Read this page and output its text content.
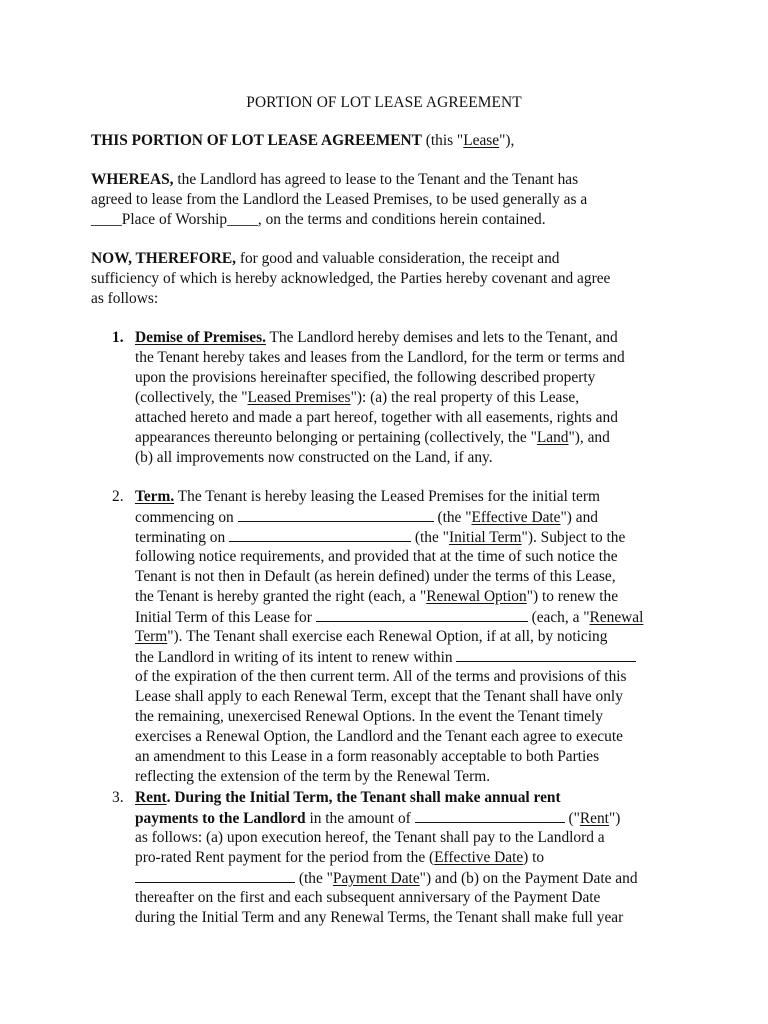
PORTION OF LOT LEASE AGREEMENT
THIS PORTION OF LOT LEASE AGREEMENT (this "Lease"),
WHEREAS, the Landlord has agreed to lease to the Tenant and the Tenant has
agreed to lease from the Landlord the Leased Premises, to be used generally as a
____Place of Worship____, on the terms and conditions herein contained.
NOW, THEREFORE, for good and valuable consideration, the receipt and
sufficiency of which is hereby acknowledged, the Parties hereby covenant and agree
as follows:
1. Demise of Premises. The Landlord hereby demises and lets to the Tenant, and
the Tenant hereby takes and leases from the Landlord, for the term or terms and
upon the provisions hereinafter specified, the following described property
(collectively, the "Leased Premises"): (a) the real property of this Lease,
attached hereto and made a part hereof, together with all easements, rights and
appearances thereunto belonging or pertaining (collectively, the "Land"), and
(b) all improvements now constructed on the Land, if any.
2. Term. The Tenant is hereby leasing the Leased Premises for the initial term
commencing on	(the "Effective Date") and
terminating on	(the "Initial Term"). Subject to the
following notice requirements, and provided that at the time of such notice the
Tenant is not then in Default (as herein defined) under the terms of this Lease,
the Tenant is hereby granted the right (each, a "Renewal Option") to renew the
Initial Term of this Lease for	(each, a "Renewal
Term"). The Tenant shall exercise each Renewal Option, if at all, by noticing
the Landlord in writing of its intent to renew within
of the expiration of the then current term. All of the terms and provisions of this
Lease shall apply to each Renewal Term, except that the Tenant shall have only
the remaining, unexercised Renewal Options. In the event the Tenant timely
exercises a Renewal Option, the Landlord and the Tenant each agree to execute
an amendment to this Lease in a form reasonably acceptable to both Parties
reflecting the extension of the term by the Renewal Term.
3. Rent. During the Initial Term, the Tenant shall make annual rent
payments to the Landlord in the amount of	("Rent")
as follows: (a) upon execution hereof, the Tenant shall pay to the Landlord a
pro-rated Rent payment for the period from the (Effective Date) to
(the "Payment Date") and (b) on the Payment Date and
thereafter on the first and each subsequent anniversary of the Payment Date
during the Initial Term and any Renewal Terms, the Tenant shall make full year
